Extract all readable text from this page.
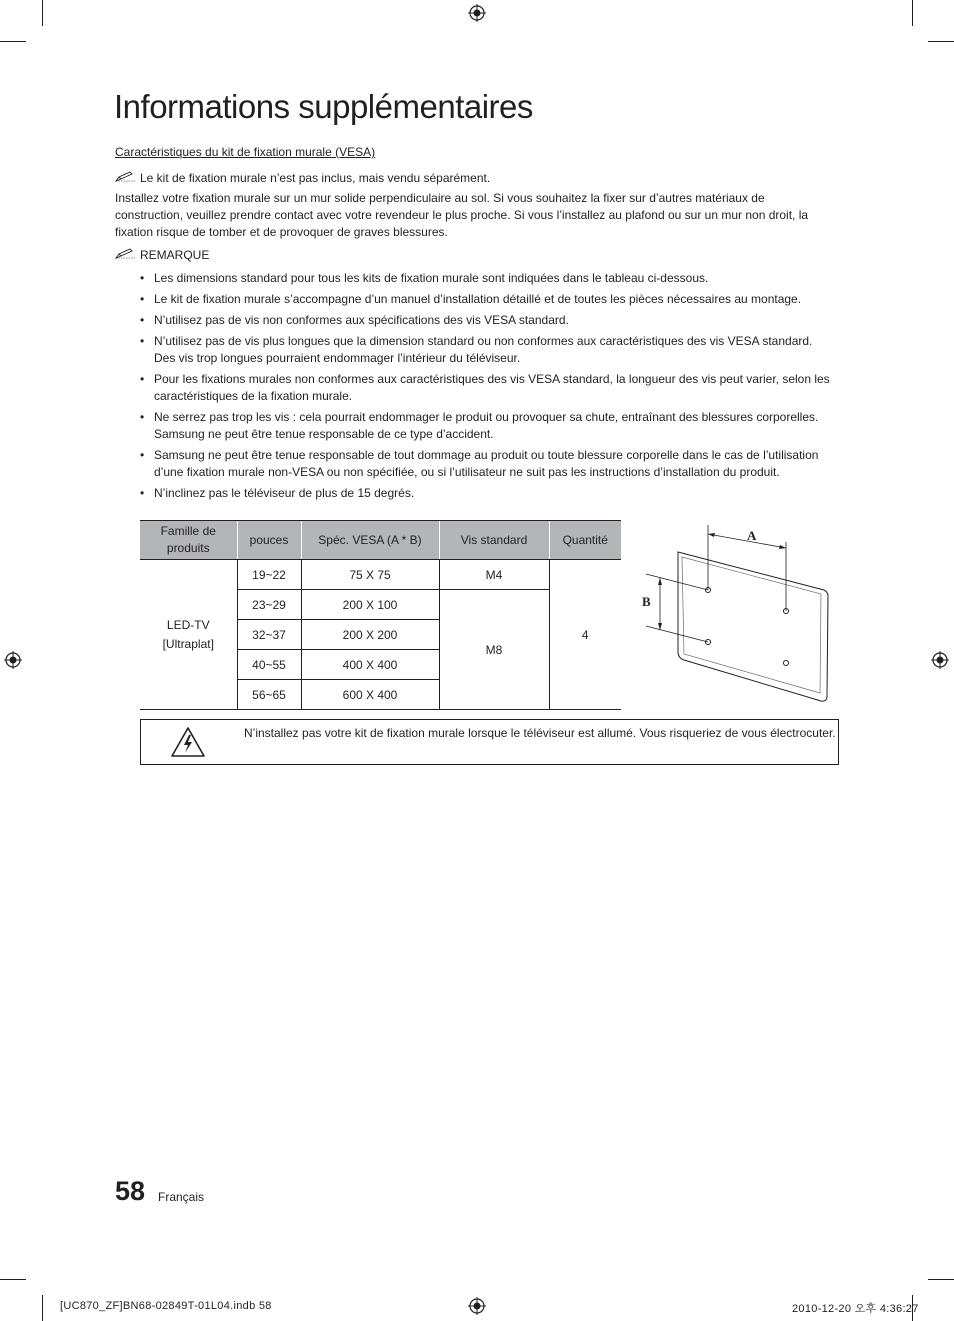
Informations supplémentaires
Caractéristiques du kit de fixation murale (VESA)
Le kit de fixation murale n’est pas inclus, mais vendu séparément.
Installez votre fixation murale sur un mur solide perpendiculaire au sol. Si vous souhaitez la fixer sur d’autres matériaux de construction, veuillez prendre contact avec votre revendeur le plus proche. Si vous l’installez au plafond ou sur un mur non droit, la fixation risque de tomber et de provoquer de graves blessures.
REMARQUE
• Les dimensions standard pour tous les kits de fixation murale sont indiquées dans le tableau ci-dessous.
• Le kit de fixation murale s’accompagne d’un manuel d’installation détaillé et de toutes les pièces nécessaires au montage.
• N’utilisez pas de vis non conformes aux spécifications des vis VESA standard.
• N’utilisez pas de vis plus longues que la dimension standard ou non conformes aux caractéristiques des vis VESA standard. Des vis trop longues pourraient endommager l’intérieur du téléviseur.
• Pour les fixations murales non conformes aux caractéristiques des vis VESA standard, la longueur des vis peut varier, selon les caractéristiques de la fixation murale.
• Ne serrez pas trop les vis : cela pourrait endommager le produit ou provoquer sa chute, entraînant des blessures corporelles. Samsung ne peut être tenue responsable de ce type d’accident.
• Samsung ne peut être tenue responsable de tout dommage au produit ou toute blessure corporelle dans le cas de l’utilisation d’une fixation murale non-VESA ou non spécifiée, ou si l’utilisateur ne suit pas les instructions d’installation du produit.
• N’inclinez pas le téléviseur de plus de 15 degrés.
Famille de produits	pouces	Spéc. VESA (A * B)	Vis standard	Quantité
LED-TV
[Ultraplat]	19~22	75 X 75	M4	4
	23~29	200 X 100	M8	
	32~37	200 X 200		
	40~55	400 X 400		
	56~65	600 X 400		
A
B
N’installez pas votre kit de fixation murale lorsque le téléviseur est allumé. Vous risqueriez de vous électrocuter.
58 Français
[UC870_ZF]BN68-02849T-01L04.indb 58	2010-12-20 오후 4:36:27
